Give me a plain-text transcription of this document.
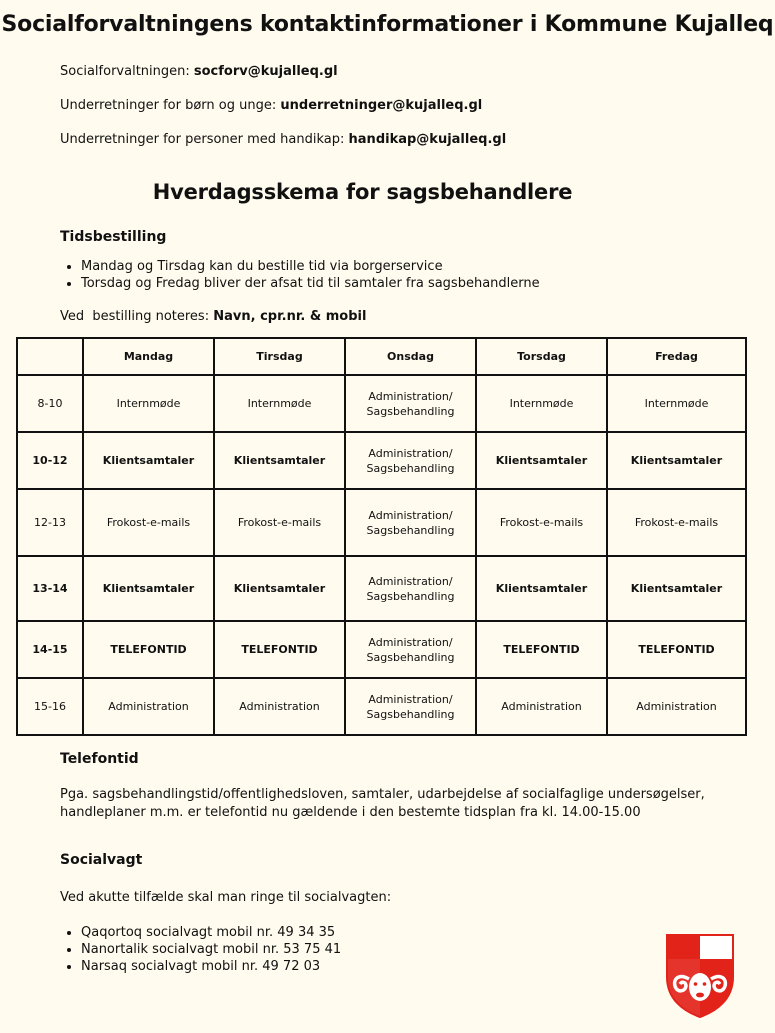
Socialforvaltningens kontaktinformationer i Kommune Kujalleq
Socialforvaltningen: socforv@kujalleq.gl
Underretninger for børn og unge: underretninger@kujalleq.gl
Underretninger for personer med handikap: handikap@kujalleq.gl
Hverdagsskema for sagsbehandlere
Tidsbestilling
• Mandag og Tirsdag kan du bestille tid via borgerservice
• Torsdag og Fredag bliver der afsat tid til samtaler fra sagsbehandlerne
Ved  bestilling noteres: Navn, cpr.nr. & mobil
	Mandag	Tirsdag	Onsdag	Torsdag	Fredag
8-10	Internmøde	Internmøde	Administration/ Sagsbehandling	Internmøde	Internmøde
10-12	Klientsamtaler	Klientsamtaler	Administration/ Sagsbehandling	Klientsamtaler	Klientsamtaler
12-13	Frokost-e-mails	Frokost-e-mails	Administration/ Sagsbehandling	Frokost-e-mails	Frokost-e-mails
13-14	Klientsamtaler	Klientsamtaler	Administration/ Sagsbehandling	Klientsamtaler	Klientsamtaler
14-15	TELEFONTID	TELEFONTID	Administration/ Sagsbehandling	TELEFONTID	TELEFONTID
15-16	Administration	Administration	Administration/ Sagsbehandling	Administration	Administration
Telefontid
Pga. sagsbehandlingstid/offentlighedsloven, samtaler, udarbejdelse af socialfaglige undersøgelser, handleplaner m.m. er telefontid nu gældende i den bestemte tidsplan fra kl. 14.00-15.00
Socialvagt
Ved akutte tilfælde skal man ringe til socialvagten:
• Qaqortoq socialvagt mobil nr. 49 34 35
• Nanortalik socialvagt mobil nr. 53 75 41
• Narsaq socialvagt mobil nr. 49 72 03
